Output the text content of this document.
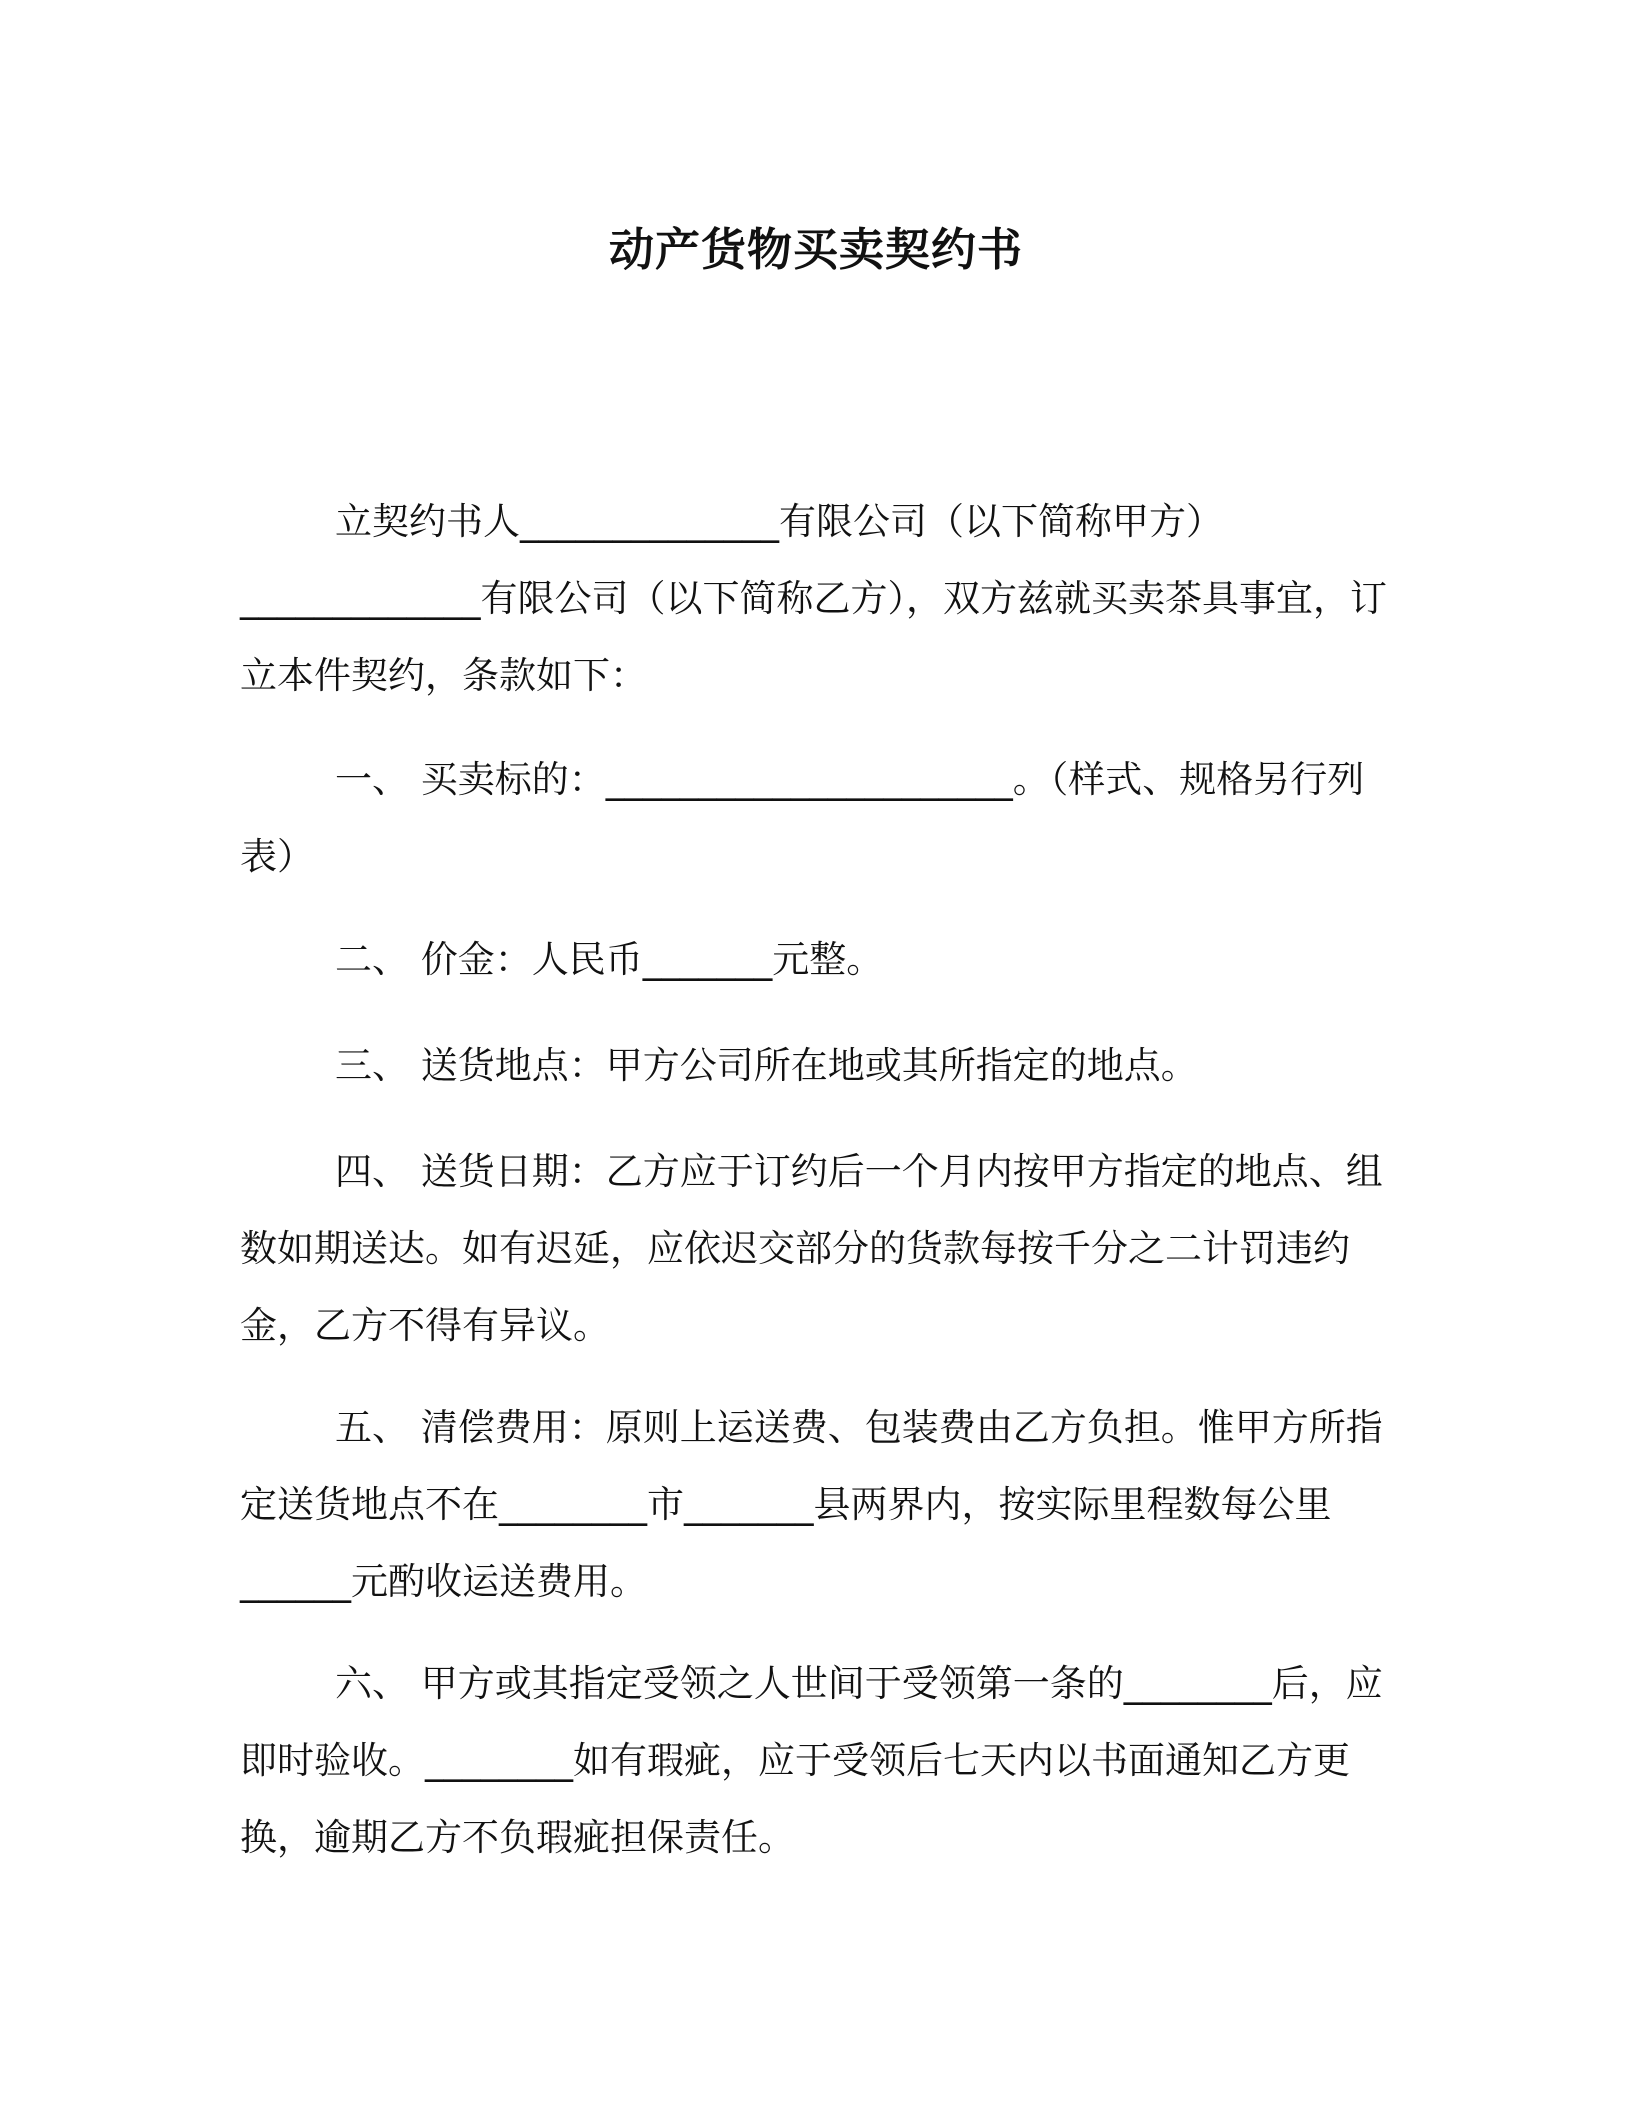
动产货物买卖契约书

立契约书人______________有限公司（以下简称甲方）_____________有限公司（以下简称乙方），双方兹就买卖茶具事宜，订立本件契约，条款如下：

一、 买卖标的：______________________。（样式、规格另行列表）

二、 价金：人民币_______元整。

三、 送货地点：甲方公司所在地或其所指定的地点。

四、 送货日期：乙方应于订约后一个月内按甲方指定的地点、组数如期送达。如有迟延，应依迟交部分的货款每按千分之二计罚违约金，乙方不得有异议。

五、 清偿费用：原则上运送费、包装费由乙方负担。惟甲方所指定送货地点不在________市_______县两界内，按实际里程数每公里______元酌收运送费用。

六、 甲方或其指定受领之人世间于受领第一条的________后，应即时验收。________如有瑕疵，应于受领后七天内以书面通知乙方更换，逾期乙方不负瑕疵担保责任。
